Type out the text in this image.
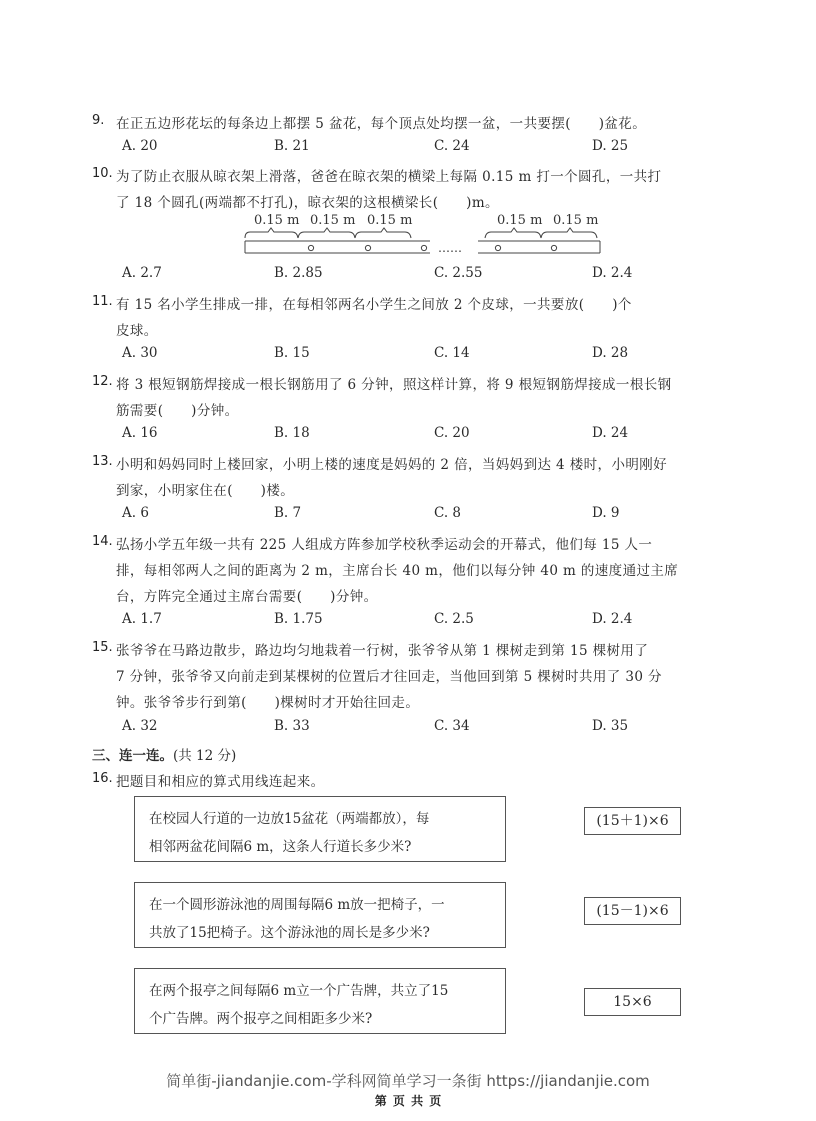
9. 在正五边形花坛的每条边上都摆 5 盆花，每个顶点处均摆一盆，一共要摆(　　)盆花。
A. 20	B. 21	C. 24	D. 25
10. 为了防止衣服从晾衣架上滑落，爸爸在晾衣架的横梁上每隔 0.15 m 打一个圆孔，一共打
了 18 个圆孔(两端都不打孔)，晾衣架的这根横梁长(　　)m。
0.15 m 0.15 m 0.15 m	0.15 m 0.15 m
……
A. 2.7	B. 2.85	C. 2.55	D. 2.4
11. 有 15 名小学生排成一排，在每相邻两名小学生之间放 2 个皮球，一共要放(　　)个
皮球。
A. 30	B. 15	C. 14	D. 28
12. 将 3 根短钢筋焊接成一根长钢筋用了 6 分钟，照这样计算，将 9 根短钢筋焊接成一根长钢
筋需要(　　)分钟。
A. 16	B. 18	C. 20	D. 24
13. 小明和妈妈同时上楼回家，小明上楼的速度是妈妈的 2 倍，当妈妈到达 4 楼时，小明刚好
到家，小明家住在(　　)楼。
A. 6	B. 7	C. 8	D. 9
14. 弘扬小学五年级一共有 225 人组成方阵参加学校秋季运动会的开幕式，他们每 15 人一
排，每相邻两人之间的距离为 2 m，主席台长 40 m，他们以每分钟 40 m 的速度通过主席
台，方阵完全通过主席台需要(　　)分钟。
A. 1.7	B. 1.75	C. 2.5	D. 2.4
15. 张爷爷在马路边散步，路边均匀地栽着一行树，张爷爷从第 1 棵树走到第 15 棵树用了
7 分钟，张爷爷又向前走到某棵树的位置后才往回走，当他回到第 5 棵树时共用了 30 分
钟。张爷爷步行到第(　　)棵树时才开始往回走。
A. 32	B. 33	C. 34	D. 35
三、连一连。(共 12 分)
16. 把题目和相应的算式用线连起来。
在校园人行道的一边放15盆花（两端都放），每
相邻两盆花间隔6 m，这条人行道长多少米?
在一个圆形游泳池的周围每隔6 m放一把椅子，一
共放了15把椅子。这个游泳池的周长是多少米?
在两个报亭之间每隔6 m立一个广告牌，共立了15
个广告牌。两个报亭之间相距多少米?
(15＋1)×6
(15－1)×6
15×6
简单街-jiandanjie.com-学科网简单学习一条街 https://jiandanjie.com
第 页 共 页
